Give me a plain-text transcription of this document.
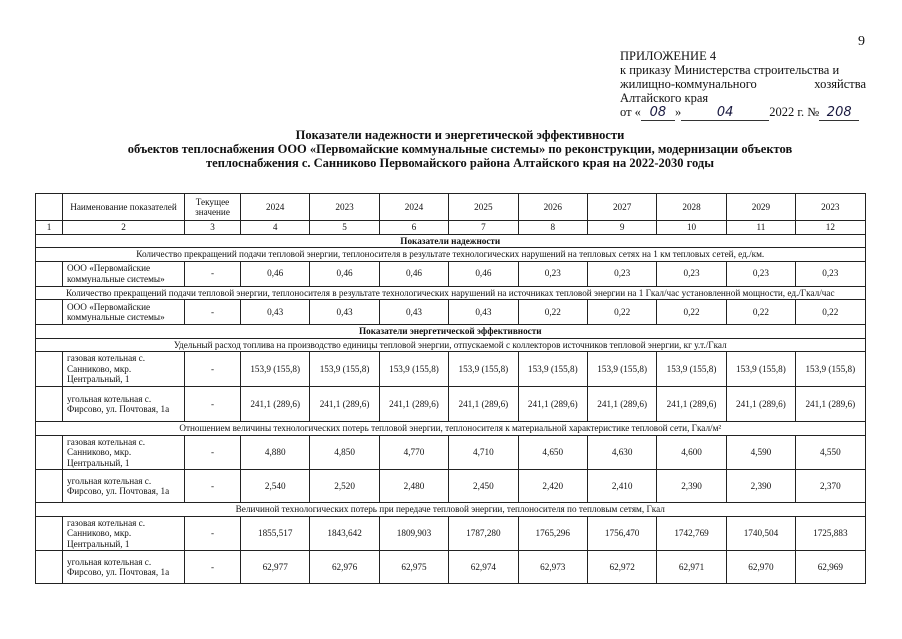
9
ПРИЛОЖЕНИЕ 4
к приказу Министерства строительства и
жилищно-коммунального	хозяйства
Алтайского края
от « 08 »	04	2022 г. № 208
Показатели надежности и энергетической эффективности
объектов теплоснабжения ООО «Первомайские коммунальные системы» по реконструкции, модернизации объектов
теплоснабжения с. Санниково Первомайского района Алтайского края на 2022-2030 годы
	Наименование показателей	Текущее значение	2024	2023	2024	2025	2026	2027	2028	2029	2023
1	2	3	4	5	6	7	8	9	10	11	12
Показатели надежности											
Количество прекращений подачи тепловой энергии, теплоносителя в результате технологических нарушений на тепловых сетях на 1 км тепловых сетей, ед./км.											
	ООО «Первомайские коммунальные системы»	-	0,46	0,46	0,46	0,46	0,23	0,23	0,23	0,23	0,23
Количество прекращений подачи тепловой энергии, теплоносителя в результате технологических нарушений на источниках тепловой энергии на 1 Гкал/час установленной мощности, ед./Гкал/час											
	ООО «Первомайские коммунальные системы»	-	0,43	0,43	0,43	0,43	0,22	0,22	0,22	0,22	0,22
Показатели энергетической эффективности											
Удельный расход топлива на производство единицы тепловой энергии, отпускаемой с коллекторов источников тепловой энергии, кг у.т./Гкал											
	газовая котельная с. Санниково, мкр. Центральный, 1	-	153,9 (155,8)	153,9 (155,8)	153,9 (155,8)	153,9 (155,8)	153,9 (155,8)	153,9 (155,8)	153,9 (155,8)	153,9 (155,8)	153,9 (155,8)
	угольная котельная с. Фирсово, ул. Почтовая, 1а	-	241,1 (289,6)	241,1 (289,6)	241,1 (289,6)	241,1 (289,6)	241,1 (289,6)	241,1 (289,6)	241,1 (289,6)	241,1 (289,6)	241,1 (289,6)
Отношением величины технологических потерь тепловой энергии, теплоносителя к материальной характеристике тепловой сети, Гкал/м²											
	газовая котельная с. Санниково, мкр. Центральный, 1	-	4,880	4,850	4,770	4,710	4,650	4,630	4,600	4,590	4,550
	угольная котельная с. Фирсово, ул. Почтовая, 1а	-	2,540	2,520	2,480	2,450	2,420	2,410	2,390	2,390	2,370
Величиной технологических потерь при передаче тепловой энергии, теплоносителя по тепловым сетям, Гкал											
	газовая котельная с. Санниково, мкр. Центральный, 1	-	1855,517	1843,642	1809,903	1787,280	1765,296	1756,470	1742,769	1740,504	1725,883
	угольная котельная с. Фирсово, ул. Почтовая, 1а	-	62,977	62,976	62,975	62,974	62,973	62,972	62,971	62,970	62,969
